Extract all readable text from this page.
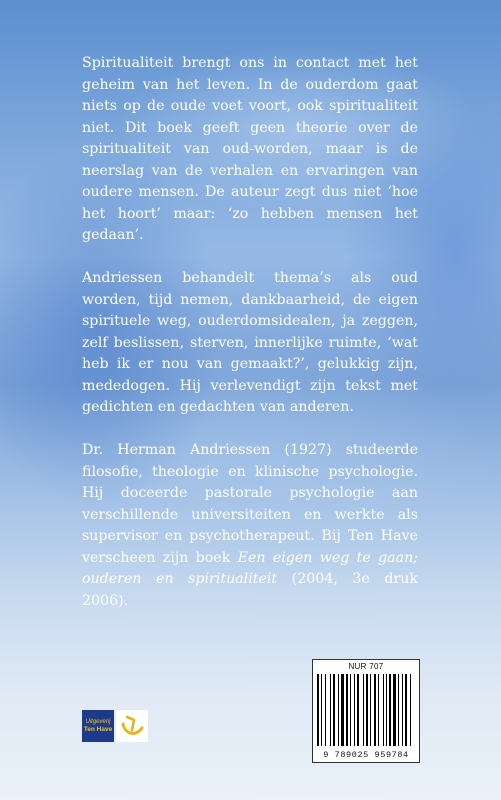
Spiritualiteit brengt ons in contact met het geheim van het leven. In de ouderdom gaat niets op de oude voet voort, ook spiritualiteit niet. Dit boek geeft geen theorie over de spiritualiteit van oud-worden, maar is de neerslag van de verhalen en ervaringen van oudere mensen. De auteur zegt dus niet ‘hoe het hoort’ maar: ‘zo hebben mensen het gedaan’.

Andriessen behandelt thema’s als oud worden, tijd nemen, dankbaarheid, de eigen spirituele weg, ouderdomsidealen, ja zeggen, zelf beslissen, sterven, innerlijke ruimte, ‘wat heb ik er nou van gemaakt?’, gelukkig zijn, mededogen. Hij verlevendigt zijn tekst met gedichten en gedachten van anderen.

Dr. Herman Andriessen (1927) studeerde filosofie, theologie en klinische psychologie. Hij doceerde pastorale psychologie aan verschillende universiteiten en werkte als supervisor en psychotherapeut. Bij Ten Have verscheen zijn boek Een eigen weg te gaan; ouderen en spiritualiteit (2004, 3e druk 2006).

NUR 707
9 789025 959784
Uitgeverij
Ten Have
